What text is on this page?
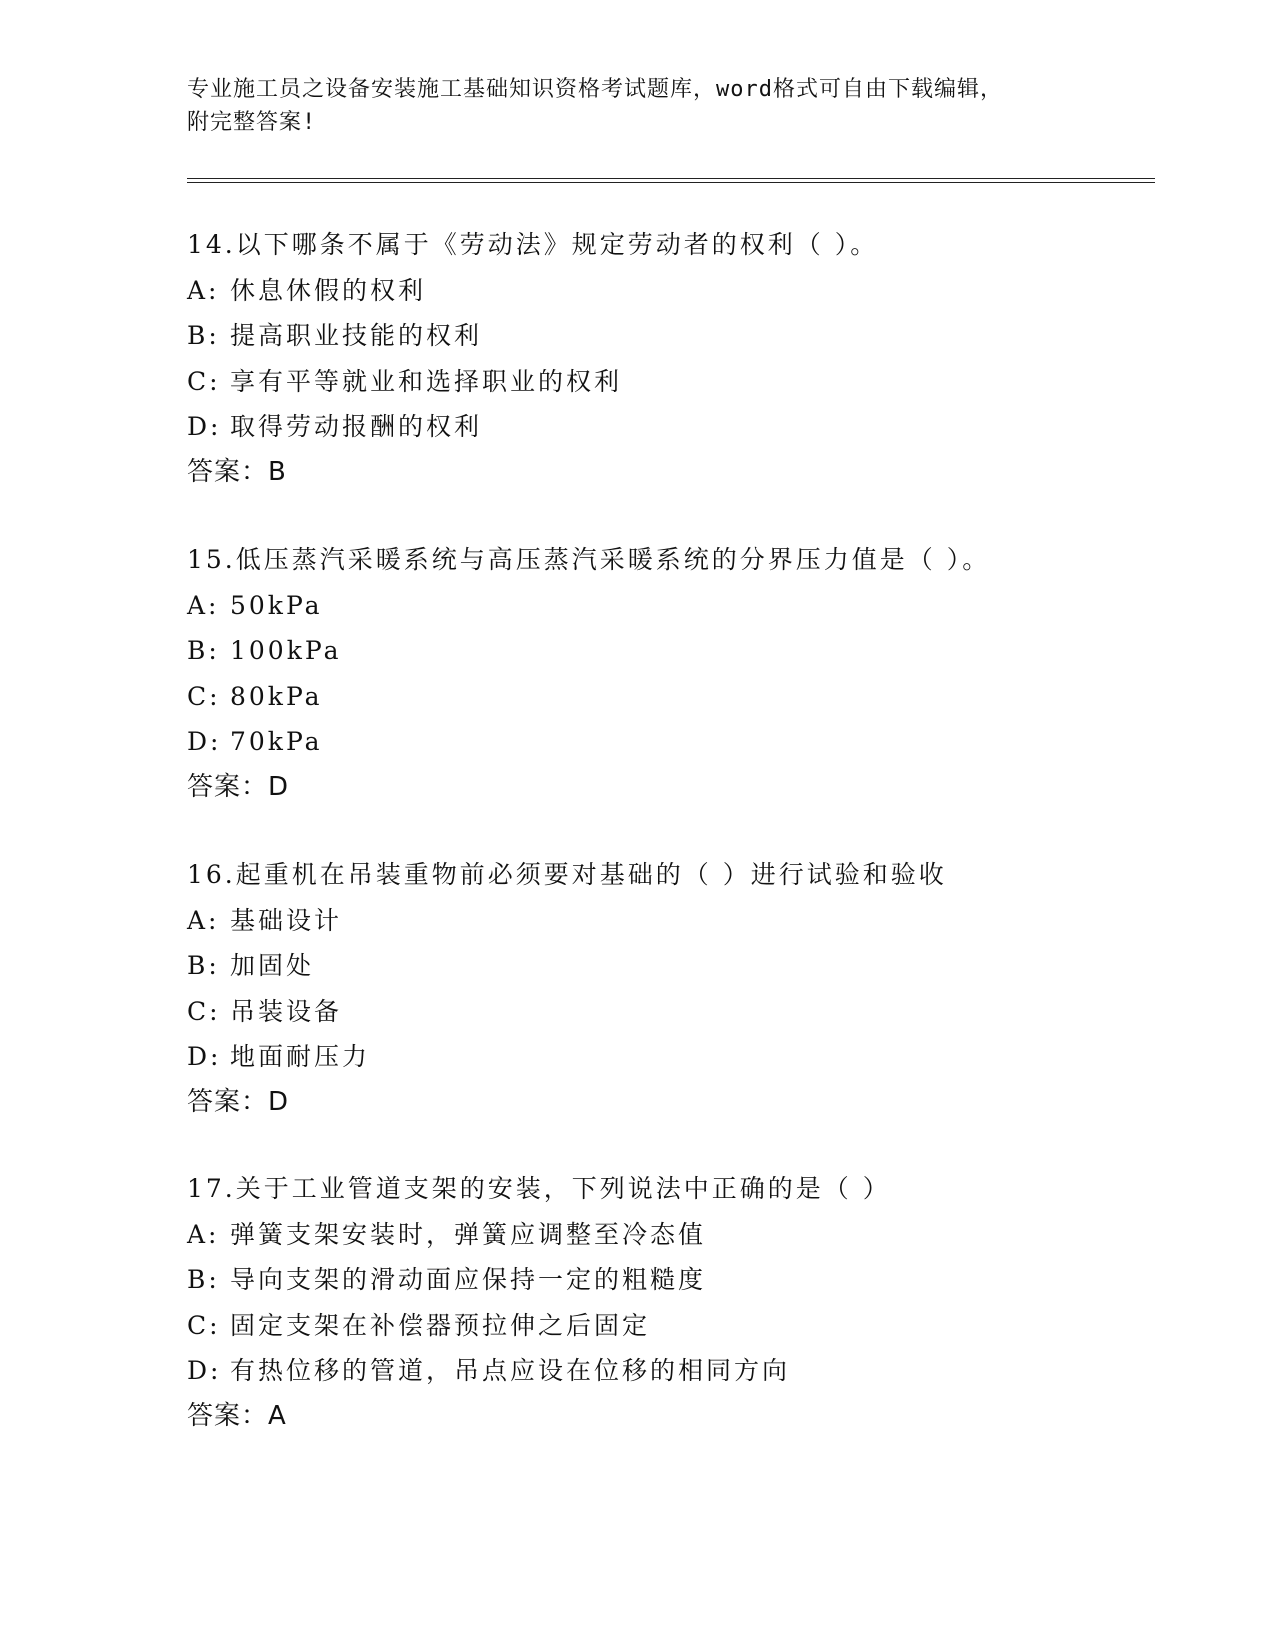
专业施工员之设备安装施工基础知识资格考试题库，word格式可自由下载编辑，
附完整答案!
14.以下哪条不属于《劳动法》规定劳动者的权利（ ）。
A: 休息休假的权利
B: 提高职业技能的权利
C: 享有平等就业和选择职业的权利
D: 取得劳动报酬的权利
答案：B
15.低压蒸汽采暖系统与高压蒸汽采暖系统的分界压力值是（ ）。
A: 50kPa
B: 100kPa
C: 80kPa
D: 70kPa
答案：D
16.起重机在吊装重物前必须要对基础的（ ）进行试验和验收
A: 基础设计
B: 加固处
C: 吊装设备
D: 地面耐压力
答案：D
17.关于工业管道支架的安装，下列说法中正确的是（ ）
A: 弹簧支架安装时，弹簧应调整至冷态值
B: 导向支架的滑动面应保持一定的粗糙度
C: 固定支架在补偿器预拉伸之后固定
D: 有热位移的管道，吊点应设在位移的相同方向
答案：A
